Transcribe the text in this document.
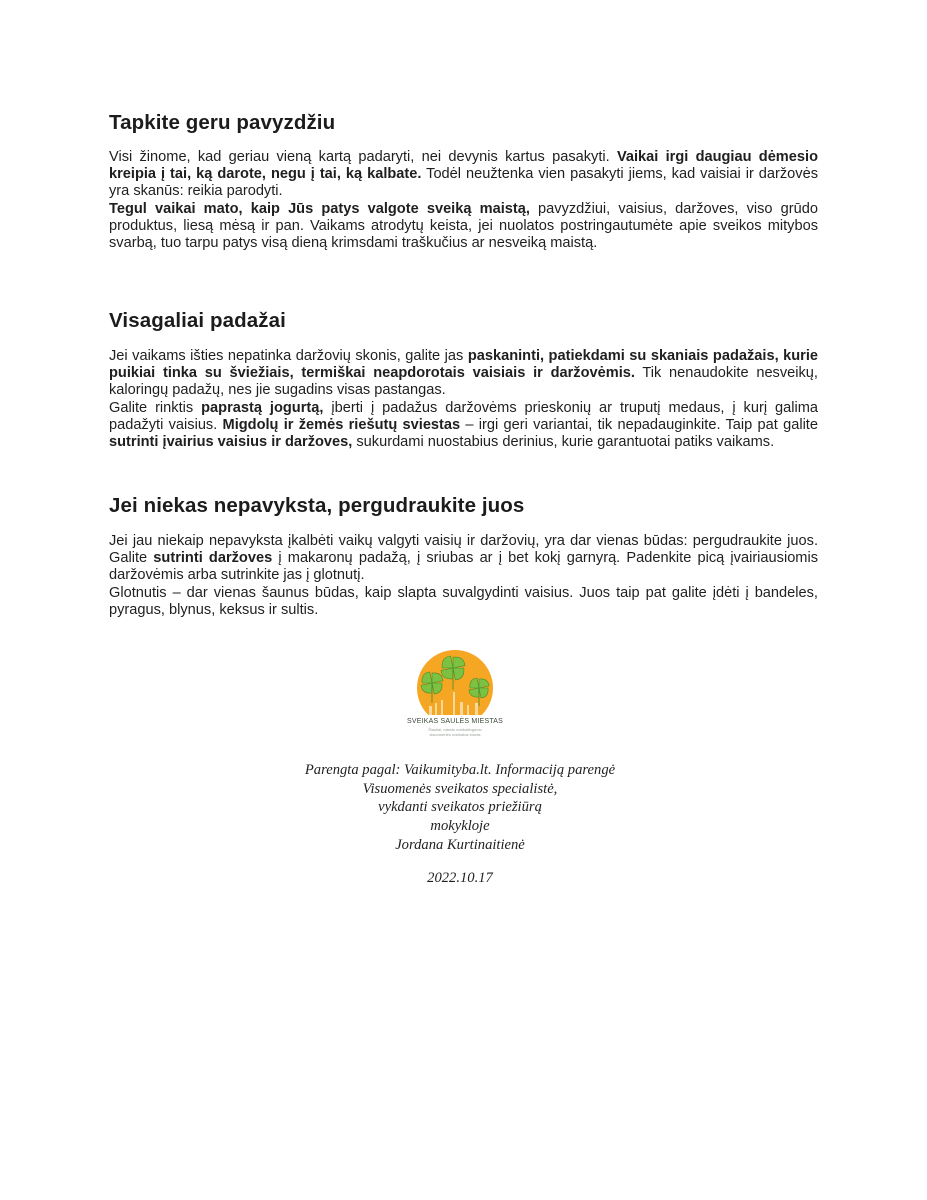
Tapkite geru pavyzdžiu

Visi žinome, kad geriau vieną kartą padaryti, nei devynis kartus pasakyti. Vaikai irgi daugiau dėmesio kreipia į tai, ką darote, negu į tai, ką kalbate. Todėl neužtenka vien pasakyti jiems, kad vaisiai ir daržovės yra skanūs: reikia parodyti.

Tegul vaikai mato, kaip Jūs patys valgote sveiką maistą, pavyzdžiui, vaisius, daržoves, viso grūdo produktus, liesą mėsą ir pan. Vaikams atrodytų keista, jei nuolatos postringautumėte apie sveikos mitybos svarbą, tuo tarpu patys visą dieną krimsdami traškučius ar nesveiką maistą.

Visagaliai padažai

Jei vaikams išties nepatinka daržovių skonis, galite jas paskaninti, patiekdami su skaniais padažais, kurie puikiai tinka su šviežiais, termiškai neapdorotais vaisiais ir daržovėmis. Tik nenaudokite nesveikų, kaloringų padažų, nes jie sugadins visas pastangas.

Galite rinktis paprastą jogurtą, įberti į padažus daržovėms prieskonių ar truputį medaus, į kurį galima padažyti vaisius. Migdolų ir žemės riešutų sviestas – irgi geri variantai, tik nepadauginkite. Taip pat galite sutrinti įvairius vaisius ir daržoves, sukurdami nuostabius derinius, kurie garantuotai patiks vaikams.

Jei niekas nepavyksta, pergudraukite juos

Jei jau niekaip nepavyksta įkalbėti vaikų valgyti vaisių ir daržovių, yra dar vienas būdas: pergudraukite juos. Galite sutrinti daržoves į makaronų padažą, į sriubas ar į bet kokį garnyrą. Padenkite picą įvairiausiomis daržovėmis arba sutrinkite jas į glotnutį.

Glotnutis – dar vienas šaunus būdas, kaip slapta suvalgydinti vaisius. Juos taip pat galite įdėti į bandeles, pyragus, blynus, keksus ir sultis.

SVEIKAS SAULĖS MIESTAS
Šiauliai, miesto sveikatingumo
visuomenės sveikatos biuras
Parengta pagal: Vaikumityba.lt. Informaciją parengė
Visuomenės sveikatos specialistė,
vykdanti sveikatos priežiūrą
mokykloje
Jordana Kurtinaitienė
2022.10.17
